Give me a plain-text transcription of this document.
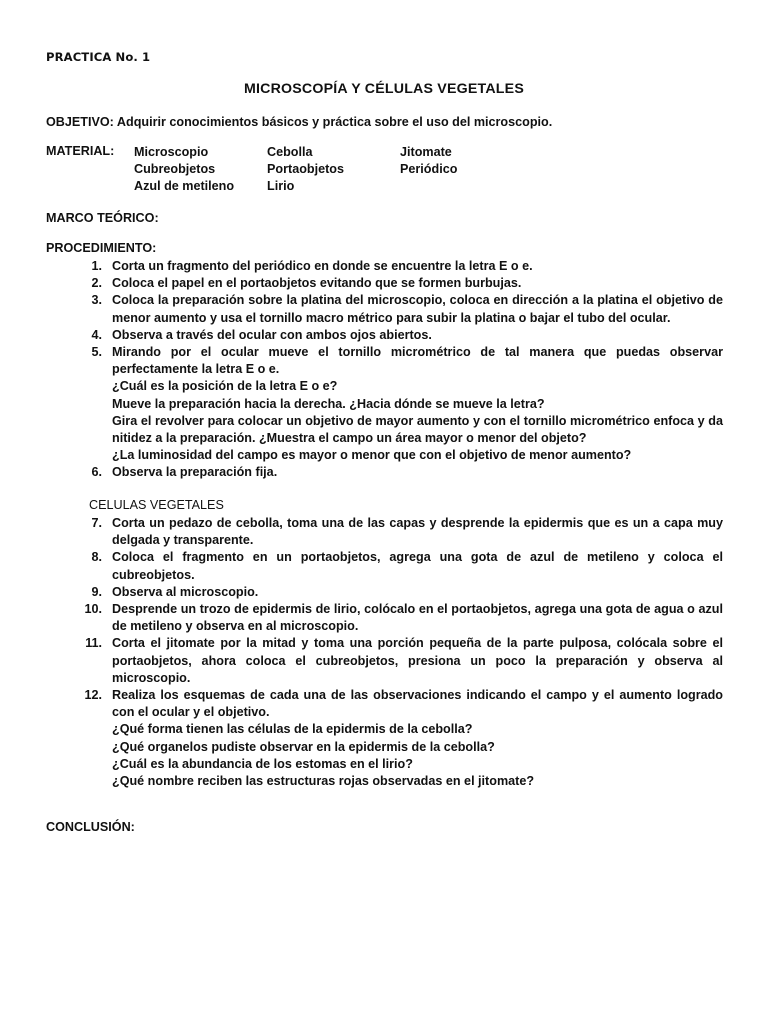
PRACTICA No. 1
MICROSCOPÍA Y CÉLULAS VEGETALES
OBJETIVO: Adquirir conocimientos básicos y práctica sobre el uso del microscopio.
MATERIAL: Microscopio
Cubreobjetos
Azul de metileno
Cebolla
Portaobjetos
Lirio
Jitomate
Periódico
MARCO TEÓRICO:
PROCEDIMIENTO:
1. Corta un fragmento del periódico en donde se encuentre la letra E o e.
2. Coloca el papel en el portaobjetos evitando que se formen burbujas.
3. Coloca la preparación sobre la platina del microscopio, coloca en dirección a la platina el objetivo de menor aumento y usa el tornillo macro métrico para subir la platina o bajar el tubo del ocular.
4. Observa a través del ocular con ambos ojos abiertos.
5. Mirando por el ocular mueve el tornillo micrométrico de tal manera que puedas observar perfectamente la letra E o e.
¿Cuál es la posición de la letra E o e?
Mueve la preparación hacia la derecha. ¿Hacia dónde se mueve la letra?
Gira el revolver para colocar un objetivo de mayor aumento y con el tornillo micrométrico enfoca y da nitidez a la preparación. ¿Muestra el campo un área mayor o menor del objeto?
¿La luminosidad del campo es mayor o menor que con el objetivo de menor aumento?
6. Observa la preparación fija.
CELULAS VEGETALES
7. Corta un pedazo de cebolla, toma una de las capas y desprende la epidermis que es un a capa muy delgada y transparente.
8. Coloca el fragmento en un portaobjetos, agrega una gota de azul de metileno y coloca el cubreobjetos.
9. Observa al microscopio.
10. Desprende un trozo de epidermis de lirio, colócalo en el portaobjetos, agrega una gota de agua o azul de metileno y observa en al microscopio.
11. Corta el jitomate por la mitad y toma una porción pequeña de la parte pulposa, colócala sobre el portaobjetos, ahora coloca el cubreobjetos, presiona un poco la preparación y observa al microscopio.
12. Realiza los esquemas de cada una de las observaciones indicando el campo y el aumento logrado con el ocular y el objetivo.
¿Qué forma tienen las células de la epidermis de la cebolla?
¿Qué organelos pudiste observar en la epidermis de la cebolla?
¿Cuál es la abundancia de los estomas en el lirio?
¿Qué nombre reciben las estructuras rojas observadas en el jitomate?
CONCLUSIÓN:
